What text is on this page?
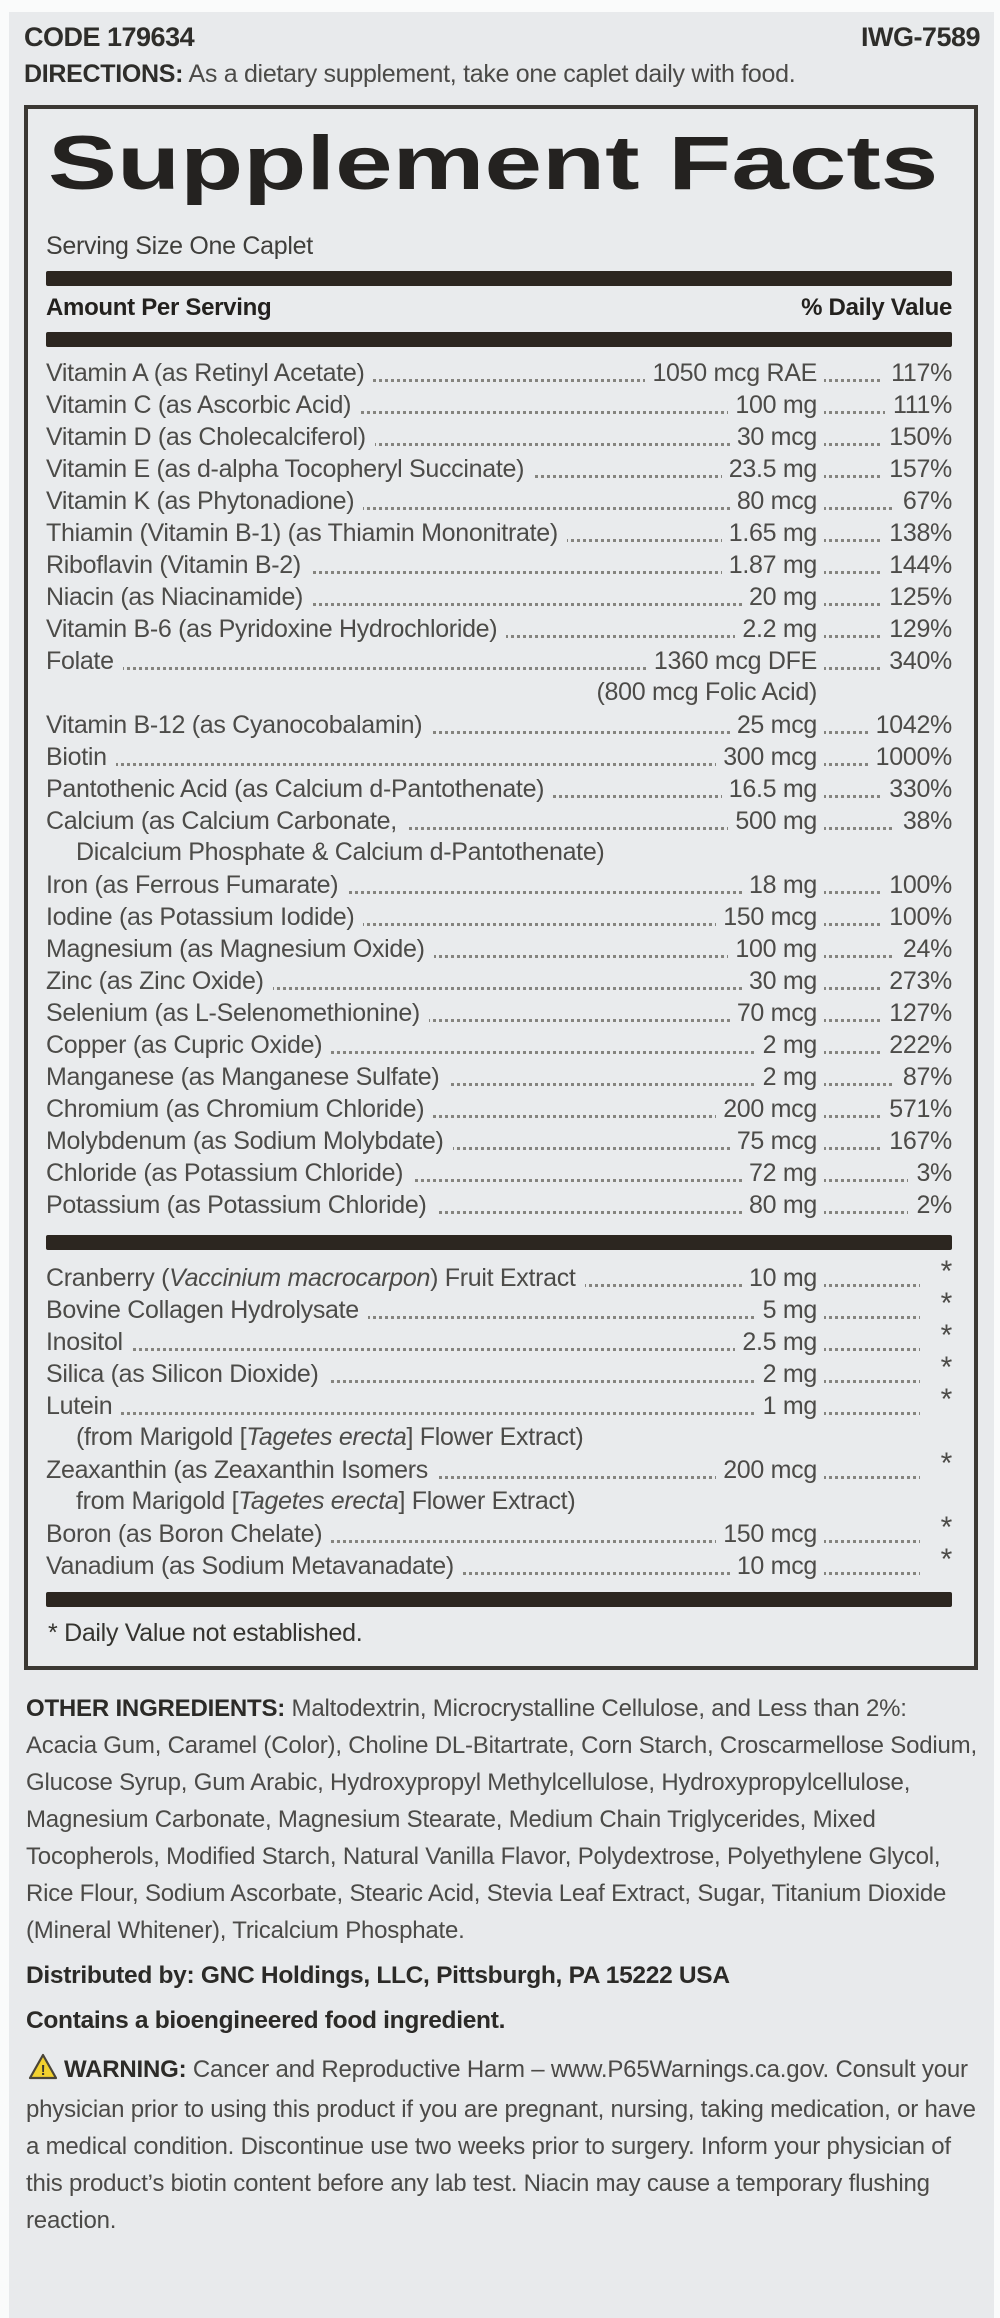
CODE 179634	IWG-7589
DIRECTIONS: As a dietary supplement, take one caplet daily with food.
Supplement Facts
Serving Size One Caplet
Amount Per Serving	% Daily Value
Vitamin A (as Retinyl Acetate)	1050 mcg RAE	117%
Vitamin C (as Ascorbic Acid)	100 mg	111%
Vitamin D (as Cholecalciferol)	30 mcg	150%
Vitamin E (as d-alpha Tocopheryl Succinate)	23.5 mg	157%
Vitamin K (as Phytonadione)	80 mcg	67%
Thiamin (Vitamin B-1) (as Thiamin Mononitrate)	1.65 mg	138%
Riboflavin (Vitamin B-2)	1.87 mg	144%
Niacin (as Niacinamide)	20 mg	125%
Vitamin B-6 (as Pyridoxine Hydrochloride)	2.2 mg	129%
Folate	1360 mcg DFE	340%
(800 mcg Folic Acid)
Vitamin B-12 (as Cyanocobalamin)	25 mcg	1042%
Biotin	300 mcg	1000%
Pantothenic Acid (as Calcium d-Pantothenate)	16.5 mg	330%
Calcium (as Calcium Carbonate,	500 mg	38%
Dicalcium Phosphate & Calcium d-Pantothenate)
Iron (as Ferrous Fumarate)	18 mg	100%
Iodine (as Potassium Iodide)	150 mcg	100%
Magnesium (as Magnesium Oxide)	100 mg	24%
Zinc (as Zinc Oxide)	30 mg	273%
Selenium (as L-Selenomethionine)	70 mcg	127%
Copper (as Cupric Oxide)	2 mg	222%
Manganese (as Manganese Sulfate)	2 mg	87%
Chromium (as Chromium Chloride)	200 mcg	571%
Molybdenum (as Sodium Molybdate)	75 mcg	167%
Chloride (as Potassium Chloride)	72 mg	3%
Potassium (as Potassium Chloride)	80 mg	2%
Cranberry (Vaccinium macrocarpon) Fruit Extract	10 mg	*
Bovine Collagen Hydrolysate	5 mg	*
Inositol	2.5 mg	*
Silica (as Silicon Dioxide)	2 mg	*
Lutein	1 mg	*
(from Marigold [Tagetes erecta] Flower Extract)
Zeaxanthin (as Zeaxanthin Isomers	200 mcg	*
from Marigold [Tagetes erecta] Flower Extract)
Boron (as Boron Chelate)	150 mcg	*
Vanadium (as Sodium Metavanadate)	10 mcg	*
* Daily Value not established.

OTHER INGREDIENTS: Maltodextrin, Microcrystalline Cellulose, and Less than 2%: Acacia Gum, Caramel (Color), Choline DL-Bitartrate, Corn Starch, Croscarmellose Sodium, Glucose Syrup, Gum Arabic, Hydroxypropyl Methylcellulose, Hydroxypropylcellulose, Magnesium Carbonate, Magnesium Stearate, Medium Chain Triglycerides, Mixed Tocopherols, Modified Starch, Natural Vanilla Flavor, Polydextrose, Polyethylene Glycol, Rice Flour, Sodium Ascorbate, Stearic Acid, Stevia Leaf Extract, Sugar, Titanium Dioxide (Mineral Whitener), Tricalcium Phosphate.

Distributed by: GNC Holdings, LLC, Pittsburgh, PA 15222 USA

Contains a bioengineered food ingredient.

! WARNING: Cancer and Reproductive Harm – www.P65Warnings.ca.gov. Consult your physician prior to using this product if you are pregnant, nursing, taking medication, or have a medical condition. Discontinue use two weeks prior to surgery. Inform your physician of this product’s biotin content before any lab test. Niacin may cause a temporary flushing reaction.
